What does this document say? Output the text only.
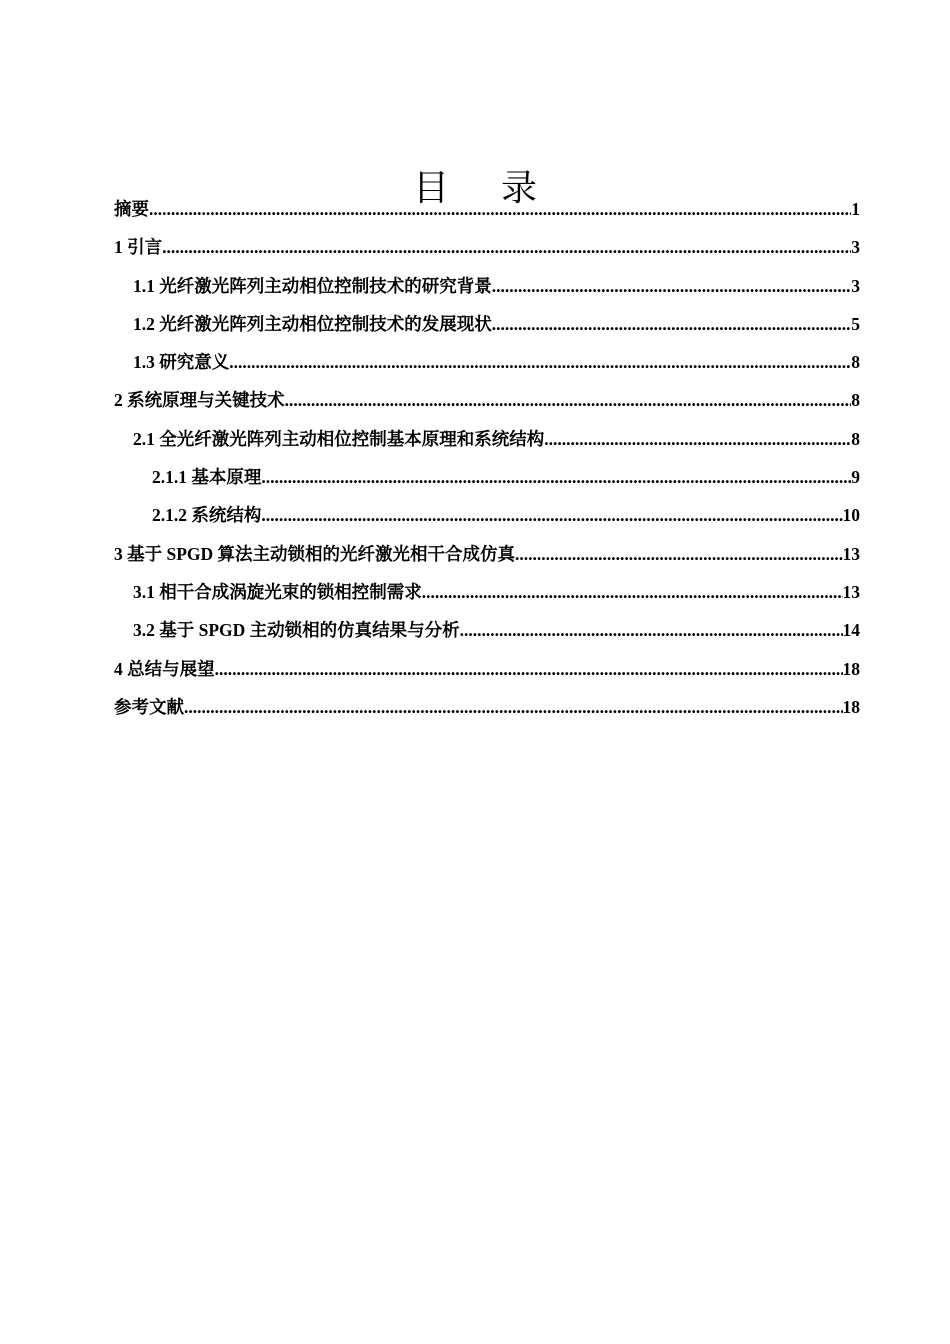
目 录
摘要 .....	1
1 引言 .....	3
1.1 光纤激光阵列主动相位控制技术的研究背景 .....	3
1.2 光纤激光阵列主动相位控制技术的发展现状 .....	5
1.3 研究意义 .....	8
2 系统原理与关键技术 .....	8
2.1 全光纤激光阵列主动相位控制基本原理和系统结构 .....	8
2.1.1 基本原理 .....	9
2.1.2 系统结构 .....	10
3 基于 SPGD 算法主动锁相的光纤激光相干合成仿真 .....	13
3.1 相干合成涡旋光束的锁相控制需求 .....	13
3.2 基于 SPGD 主动锁相的仿真结果与分析 .....	14
4 总结与展望 .....	18
参考文献 .....	18
